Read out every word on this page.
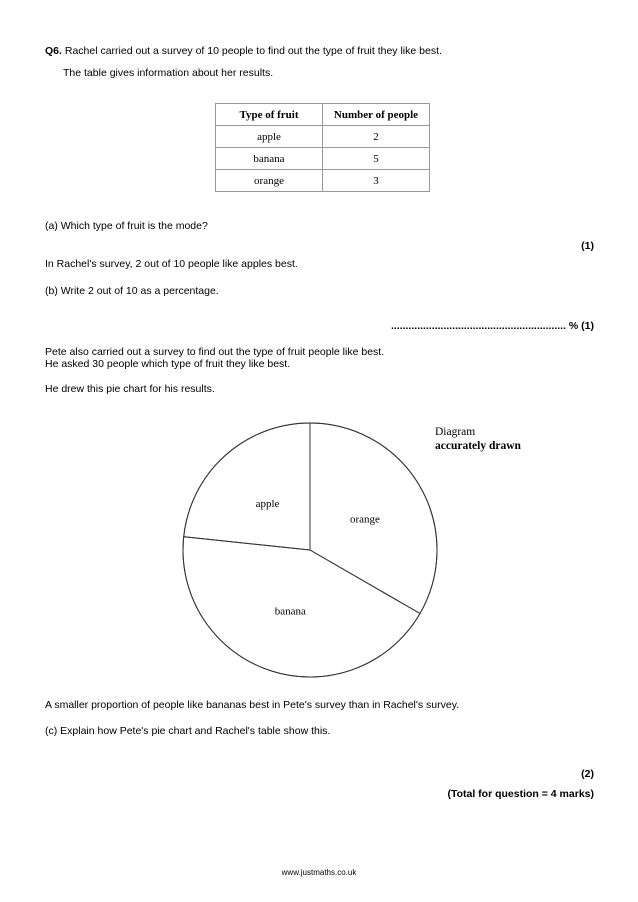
Q6. Rachel carried out a survey of 10 people to find out the type of fruit they like best.
The table gives information about her results.
Type of fruit	Number of people
apple	2
banana	5
orange	3
(a) Which type of fruit is the mode?
(1)
In Rachel's survey, 2 out of 10 people like apples best.
(b) Write 2 out of 10 as a percentage.
............................................................ % (1)
Pete also carried out a survey to find out the type of fruit people like best.
He asked 30 people which type of fruit they like best.
He drew this pie chart for his results.
orange
banana
apple
Diagram
accurately drawn
A smaller proportion of people like bananas best in Pete's survey than in Rachel's survey.
(c) Explain how Pete's pie chart and Rachel's table show this.
(2)
(Total for question = 4 marks)
www.justmaths.co.uk
